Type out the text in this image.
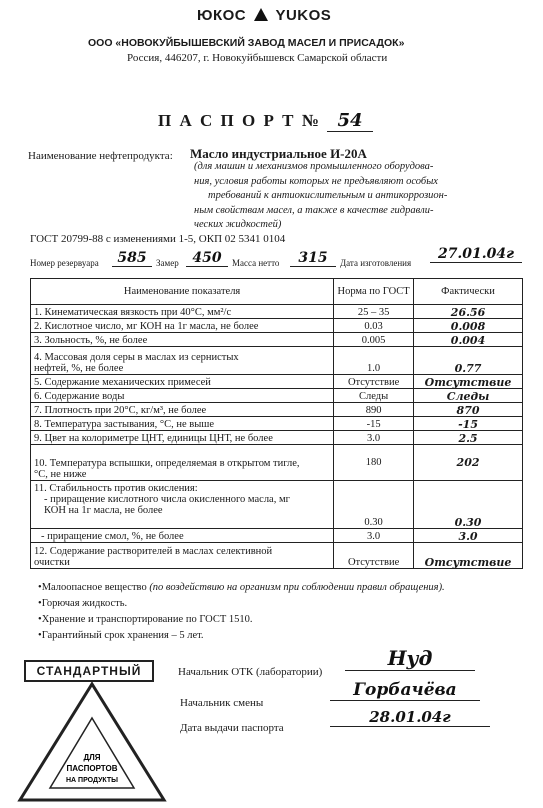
ЮКОС YUKOS
ООО «НОВОКУЙБЫШЕВСКИЙ ЗАВОД МАСЕЛ И ПРИСАДОК»
Россия, 446207, г. Новокуйбышевск Самарской области
П А С П О Р Т № 54
Наименование нефтепродукта: Масло индустриальное И-20А
(для машин и механизмов промышленного оборудова-
ния, условия работы которых не предъявляют особых
требований к антиокислительным и антикоррозион-
ным свойствам масел, а также в качестве гидравли-
ческих жидкостей)
ГОСТ 20799-88 с изменениями 1-5, ОКП 02 5341 0104
Номер резервуара	585	Замер 450	Масса нетто	315	Дата изготовления
27.01.04г
Наименование показателя	Норма по ГОСТ	Фактически
1. Кинематическая вязкость при 40°С, мм²/с	25 – 35	26.56
2. Кислотное число, мг КОН на 1г масла, не более	0.03	0.008
3. Зольность, %, не более	0.005	0.004
4. Массовая доля серы в маслах из сернистых нефтей, %, не более	1.0	0.77
5. Содержание механических примесей	Отсутствие	Отсутствие
6. Содержание воды	Следы	Следы
7. Плотность при 20°С, кг/м³, не более	890	870
8. Температура застывания, °С, не выше	-15	-15
9. Цвет на колориметре ЦНТ, единицы ЦНТ, не более	3.0	2.5
10. Температура вспышки, определяемая в открытом тигле, °С, не ниже	180	202

11. Стабильность против окисления:
- приращение кислотного числа окисленного масла, мг КОН на 1г масла, не более	0.30	0.30
- приращение смол, %, не более	3.0	3.0
12. Содержание растворителей в маслах селективной очистки	Отсутствие	Отсутствие
• Малоопасное вещество (по воздействию на организм при соблюдении правил обращения).
• Горючая жидкость.
• Хранение и транспортирование по ГОСТ 1510.
• Гарантийный срок хранения – 5 лет.
СТАНДАРТНЫЙ
ДЛЯ
ПАСПОРТОВ
НА ПРОДУКТЫ
Начальник ОТК (лаборатории)
Нуд
Начальник смены
Горбачёва
Дата выдачи паспорта
28.01.04г
